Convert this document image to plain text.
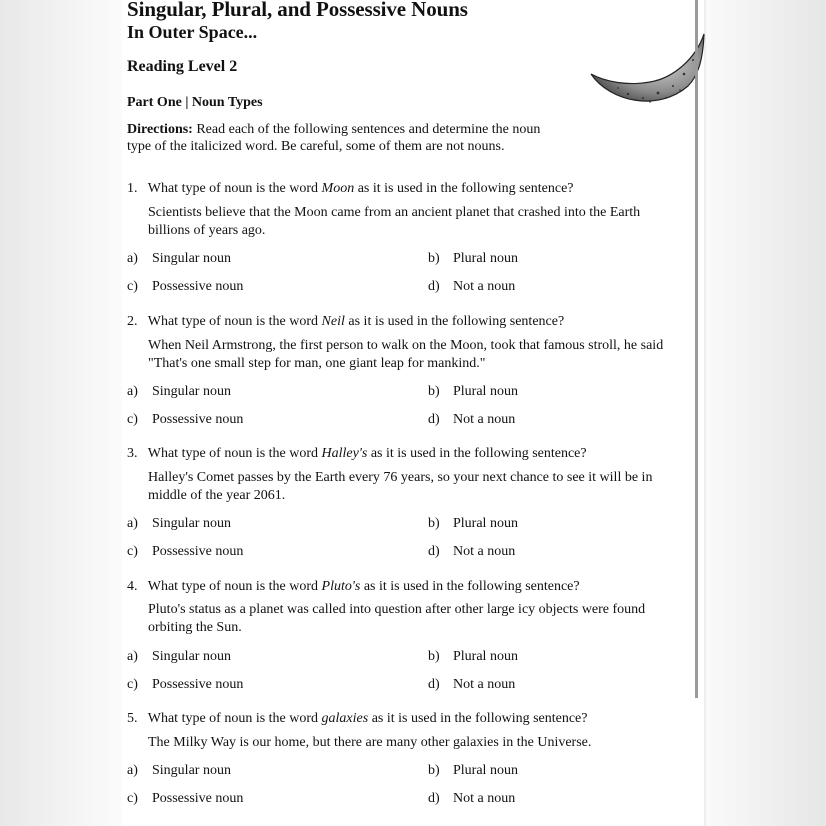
Singular, Plural, and Possessive Nouns
In Outer Space...
Reading Level 2
Part One | Noun Types
Directions: Read each of the following sentences and determine the noun
type of the italicized word. Be careful, some of them are not nouns.
1. What type of noun is the word Moon as it is used in the following sentence?
Scientists believe that the Moon came from an ancient planet that crashed into the Earth
billions of years ago.
a) Singular noun	b) Plural noun
c) Possessive noun	d) Not a noun
2. What type of noun is the word Neil as it is used in the following sentence?
When Neil Armstrong, the first person to walk on the Moon, took that famous stroll, he said
"That's one small step for man, one giant leap for mankind."
a) Singular noun	b) Plural noun
c) Possessive noun	d) Not a noun
3. What type of noun is the word Halley's as it is used in the following sentence?
Halley's Comet passes by the Earth every 76 years, so your next chance to see it will be in
middle of the year 2061.
a) Singular noun	b) Plural noun
c) Possessive noun	d) Not a noun
4. What type of noun is the word Pluto's as it is used in the following sentence?
Pluto's status as a planet was called into question after other large icy objects were found
orbiting the Sun.
a) Singular noun	b) Plural noun
c) Possessive noun	d) Not a noun
5. What type of noun is the word galaxies as it is used in the following sentence?
The Milky Way is our home, but there are many other galaxies in the Universe.
a) Singular noun	b) Plural noun
c) Possessive noun	d) Not a noun
